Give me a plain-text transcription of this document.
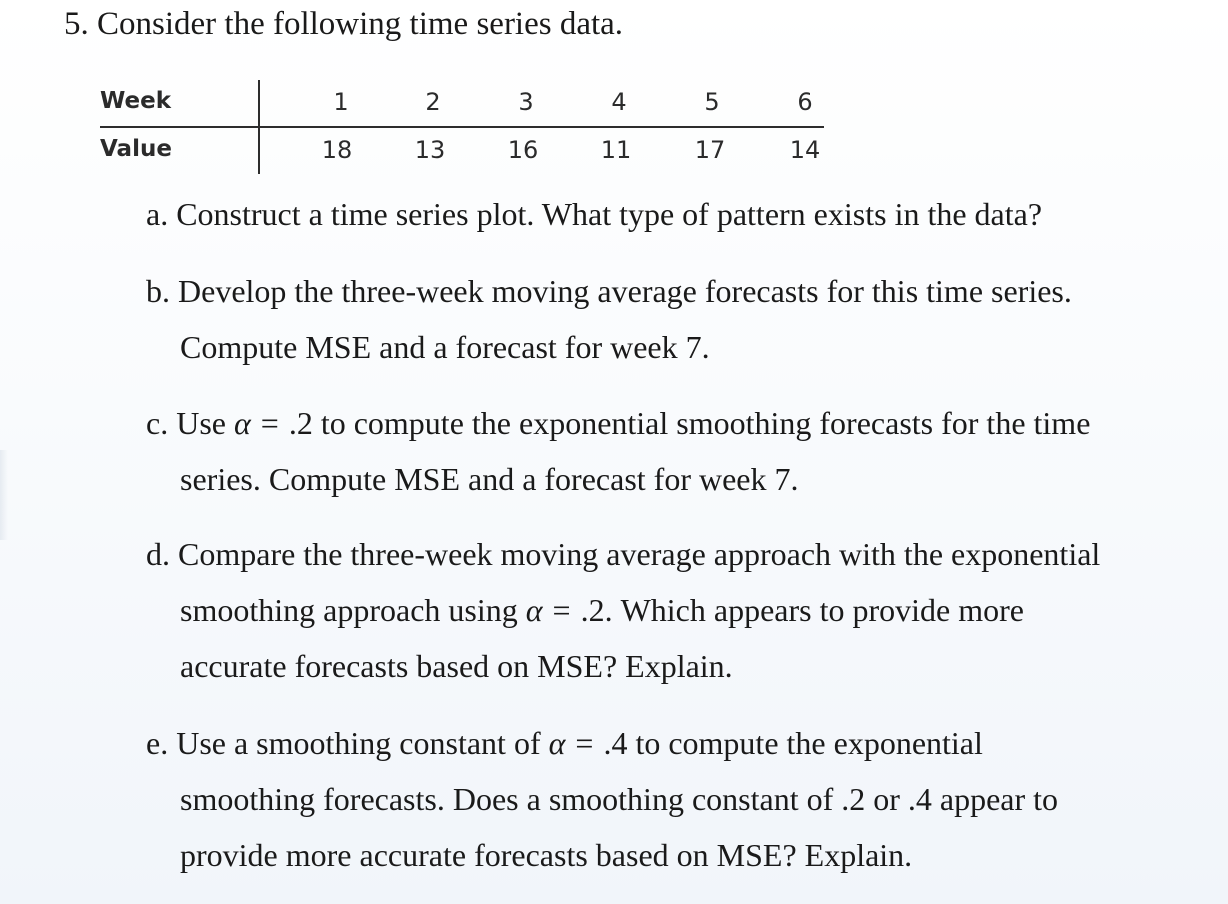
5. Consider the following time series data.
Week	1	2	3	4	5	6
Value	18	13	16	11	17	14
a. Construct a time series plot. What type of pattern exists in the data?
b. Develop the three-week moving average forecasts for this time series.
Compute MSE and a forecast for week 7.
c. Use α = .2 to compute the exponential smoothing forecasts for the time
series. Compute MSE and a forecast for week 7.
d. Compare the three-week moving average approach with the exponential
smoothing approach using α = .2. Which appears to provide more
accurate forecasts based on MSE? Explain.
e. Use a smoothing constant of α = .4 to compute the exponential
smoothing forecasts. Does a smoothing constant of .2 or .4 appear to
provide more accurate forecasts based on MSE? Explain.
